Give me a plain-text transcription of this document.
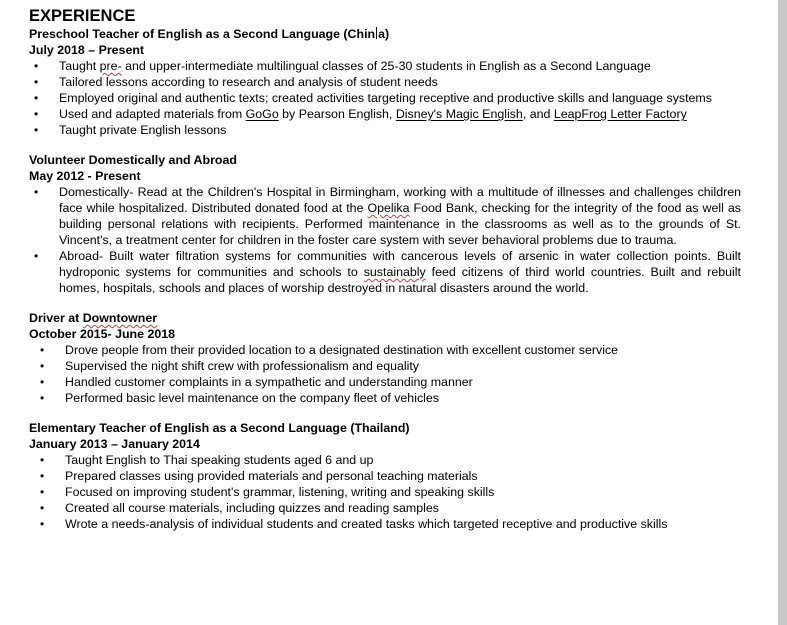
EXPERIENCE
Preschool Teacher of English as a Second Language (Chin a)
July 2018 – Present
• Taught pre- and upper-intermediate multilingual classes of 25-30 students in English as a Second Language
• Tailored lessons according to research and analysis of student needs
• Employed original and authentic texts; created activities targeting receptive and productive skills and language systems
• Used and adapted materials from GoGo by Pearson English, Disney's Magic English, and LeapFrog Letter Factory
• Taught private English lessons
Volunteer Domestically and Abroad
May 2012 - Present
• Domestically- Read at the Children's Hospital in Birmingham, working with a multitude of illnesses and challenges children face while hospitalized. Distributed donated food at the Opelika Food Bank, checking for the integrity of the food as well as building personal relations with recipients. Performed maintenance in the classrooms as well as to the grounds of St. Vincent's, a treatment center for children in the foster care system with sever behavioral problems due to trauma.
• Abroad- Built water filtration systems for communities with cancerous levels of arsenic in water collection points. Built hydroponic systems for communities and schools to sustainably feed citizens of third world countries. Built and rebuilt homes, hospitals, schools and places of worship destroyed in natural disasters around the world.
Driver at Downtowner
October 2015- June 2018
• Drove people from their provided location to a designated destination with excellent customer service
• Supervised the night shift crew with professionalism and equality
• Handled customer complaints in a sympathetic and understanding manner
• Performed basic level maintenance on the company fleet of vehicles
Elementary Teacher of English as a Second Language (Thailand)
January 2013 – January 2014
• Taught English to Thai speaking students aged 6 and up
• Prepared classes using provided materials and personal teaching materials
• Focused on improving student's grammar, listening, writing and speaking skills
• Created all course materials, including quizzes and reading samples
• Wrote a needs-analysis of individual students and created tasks which targeted receptive and productive skills
